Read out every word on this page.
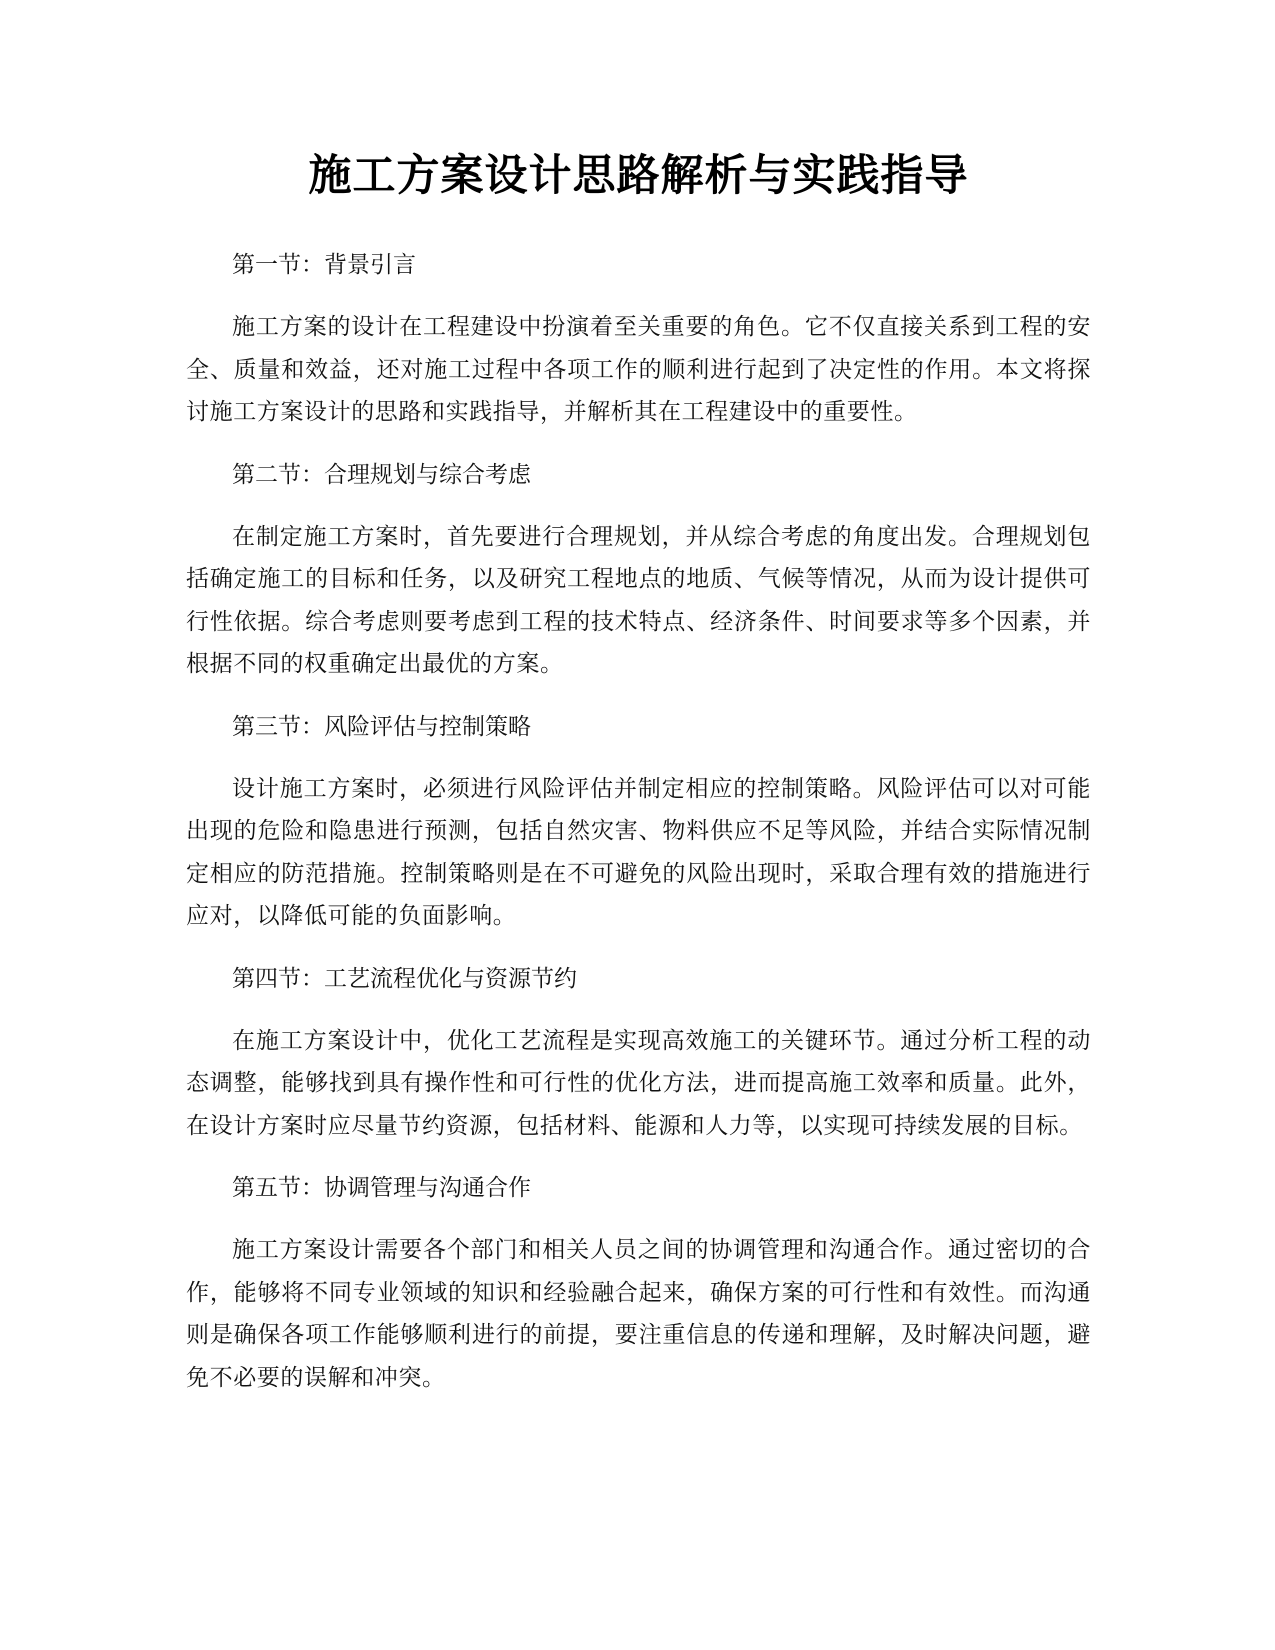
施工方案设计思路解析与实践指导

第一节：背景引言

施工方案的设计在工程建设中扮演着至关重要的角色。它不仅直接关系到工程的安全、质量和效益，还对施工过程中各项工作的顺利进行起到了决定性的作用。本文将探讨施工方案设计的思路和实践指导，并解析其在工程建设中的重要性。

第二节：合理规划与综合考虑

在制定施工方案时，首先要进行合理规划，并从综合考虑的角度出发。合理规划包括确定施工的目标和任务，以及研究工程地点的地质、气候等情况，从而为设计提供可行性依据。综合考虑则要考虑到工程的技术特点、经济条件、时间要求等多个因素，并根据不同的权重确定出最优的方案。

第三节：风险评估与控制策略

设计施工方案时，必须进行风险评估并制定相应的控制策略。风险评估可以对可能出现的危险和隐患进行预测，包括自然灾害、物料供应不足等风险，并结合实际情况制定相应的防范措施。控制策略则是在不可避免的风险出现时，采取合理有效的措施进行应对，以降低可能的负面影响。

第四节：工艺流程优化与资源节约

在施工方案设计中，优化工艺流程是实现高效施工的关键环节。通过分析工程的动态调整，能够找到具有操作性和可行性的优化方法，进而提高施工效率和质量。此外，在设计方案时应尽量节约资源，包括材料、能源和人力等，以实现可持续发展的目标。

第五节：协调管理与沟通合作

施工方案设计需要各个部门和相关人员之间的协调管理和沟通合作。通过密切的合作，能够将不同专业领域的知识和经验融合起来，确保方案的可行性和有效性。而沟通则是确保各项工作能够顺利进行的前提，要注重信息的传递和理解，及时解决问题，避免不必要的误解和冲突。
